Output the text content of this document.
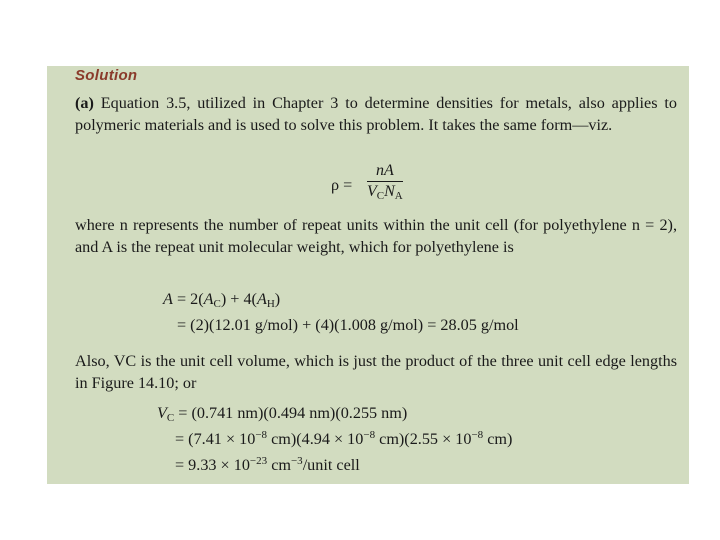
Solution
(a) Equation 3.5, utilized in Chapter 3 to determine densities for metals, also applies to polymeric materials and is used to solve this problem. It takes the same form—viz.
ρ =
nA
$V_CN_A$
where n represents the number of repeat units within the unit cell (for polyethylene n = 2), and A is the repeat unit molecular weight, which for polyethylene is
$A = 2(A_C) + 4(A_H)$
= (2)(12.01 g/mol) + (4)(1.008 g/mol) = 28.05 g/mol
Also, VC is the unit cell volume, which is just the product of the three unit cell edge lengths in Figure 14.10; or
$V_C = (0.741$ nm)(0.494 nm)(0.255 nm)
= ($7.41 \times 10^{-8}$ $cm)(4.94 \times 10^{-8}$ $cm)(2.55 \times 10^{-8}$ cm)
= $9.33 \times 10^{-23}$ $cm^{-3}$/unit cell
